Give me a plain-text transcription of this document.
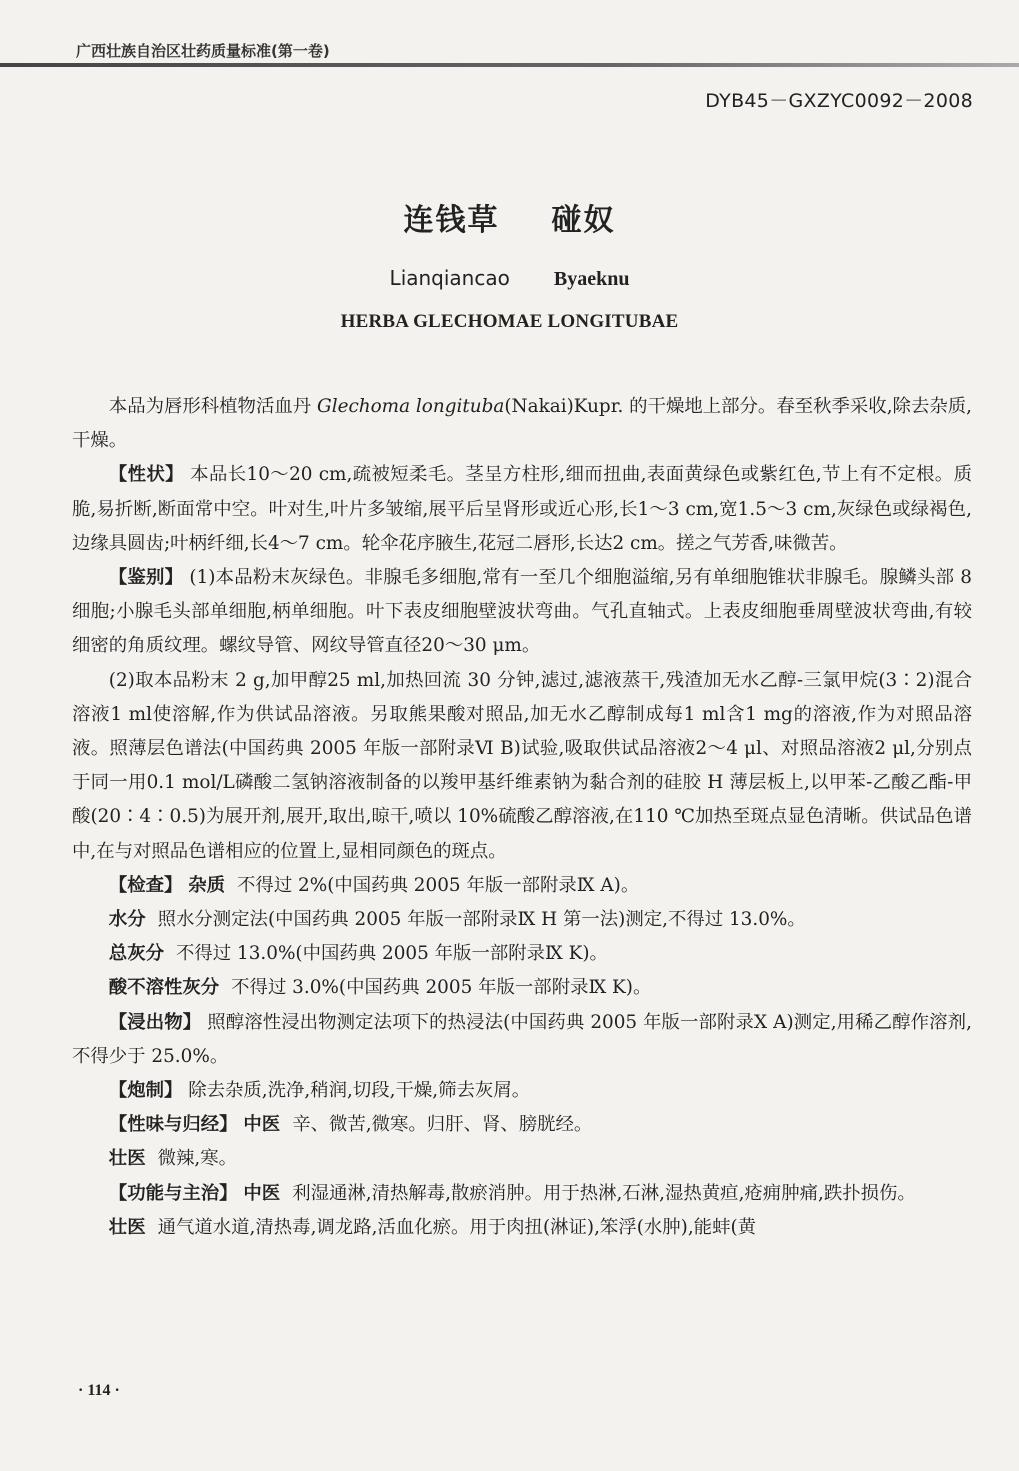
广西壮族自治区壮药质量标准(第一卷)
DYB45－GXZYC0092－2008
连钱草 碰奴
Lianqiancao Byaeknu
HERBA GLECHOMAE LONGITUBAE

本品为唇形科植物活血丹 Glechoma longituba(Nakai)Kupr. 的干燥地上部分。春至秋季采收,除去杂质,干燥。

【性状】 本品长10～20 cm,疏被短柔毛。茎呈方柱形,细而扭曲,表面黄绿色或紫红色,节上有不定根。质脆,易折断,断面常中空。叶对生,叶片多皱缩,展平后呈肾形或近心形,长1～3 cm,宽1.5～3 cm,灰绿色或绿褐色,边缘具圆齿;叶柄纤细,长4～7 cm。轮伞花序腋生,花冠二唇形,长达2 cm。搓之气芳香,味微苦。

【鉴别】 (1)本品粉末灰绿色。非腺毛多细胞,常有一至几个细胞溢缩,另有单细胞锥状非腺毛。腺鳞头部 8 细胞;小腺毛头部单细胞,柄单细胞。叶下表皮细胞壁波状弯曲。气孔直轴式。上表皮细胞垂周壁波状弯曲,有较细密的角质纹理。螺纹导管、网纹导管直径20～30 μm。

(2)取本品粉末 2 g,加甲醇25 ml,加热回流 30 分钟,滤过,滤液蒸干,残渣加无水乙醇-三氯甲烷(3∶2)混合溶液1 ml使溶解,作为供试品溶液。另取熊果酸对照品,加无水乙醇制成每1 ml含1 mg的溶液,作为对照品溶液。照薄层色谱法(中国药典 2005 年版一部附录Ⅵ B)试验,吸取供试品溶液2～4 μl、对照品溶液2 μl,分别点于同一用0.1 mol/L磷酸二氢钠溶液制备的以羧甲基纤维素钠为黏合剂的硅胶 H 薄层板上,以甲苯-乙酸乙酯-甲酸(20∶4∶0.5)为展开剂,展开,取出,晾干,喷以 10%硫酸乙醇溶液,在110 ℃加热至斑点显色清晰。供试品色谱中,在与对照品色谱相应的位置上,显相同颜色的斑点。

【检查】 杂质 不得过 2%(中国药典 2005 年版一部附录Ⅸ A)。

水分 照水分测定法(中国药典 2005 年版一部附录Ⅸ H 第一法)测定,不得过 13.0%。

总灰分 不得过 13.0%(中国药典 2005 年版一部附录Ⅸ K)。

酸不溶性灰分 不得过 3.0%(中国药典 2005 年版一部附录Ⅸ K)。

【浸出物】 照醇溶性浸出物测定法项下的热浸法(中国药典 2005 年版一部附录Ⅹ A)测定,用稀乙醇作溶剂,不得少于 25.0%。

【炮制】 除去杂质,洗净,稍润,切段,干燥,筛去灰屑。

【性味与归经】 中医 辛、微苦,微寒。归肝、肾、膀胱经。

壮医 微辣,寒。

【功能与主治】 中医 利湿通淋,清热解毒,散瘀消肿。用于热淋,石淋,湿热黄疸,疮痈肿痛,跌扑损伤。

壮医 通气道水道,清热毒,调龙路,活血化瘀。用于肉扭(淋证),笨浮(水肿),能蚌(黄

· 114 ·
